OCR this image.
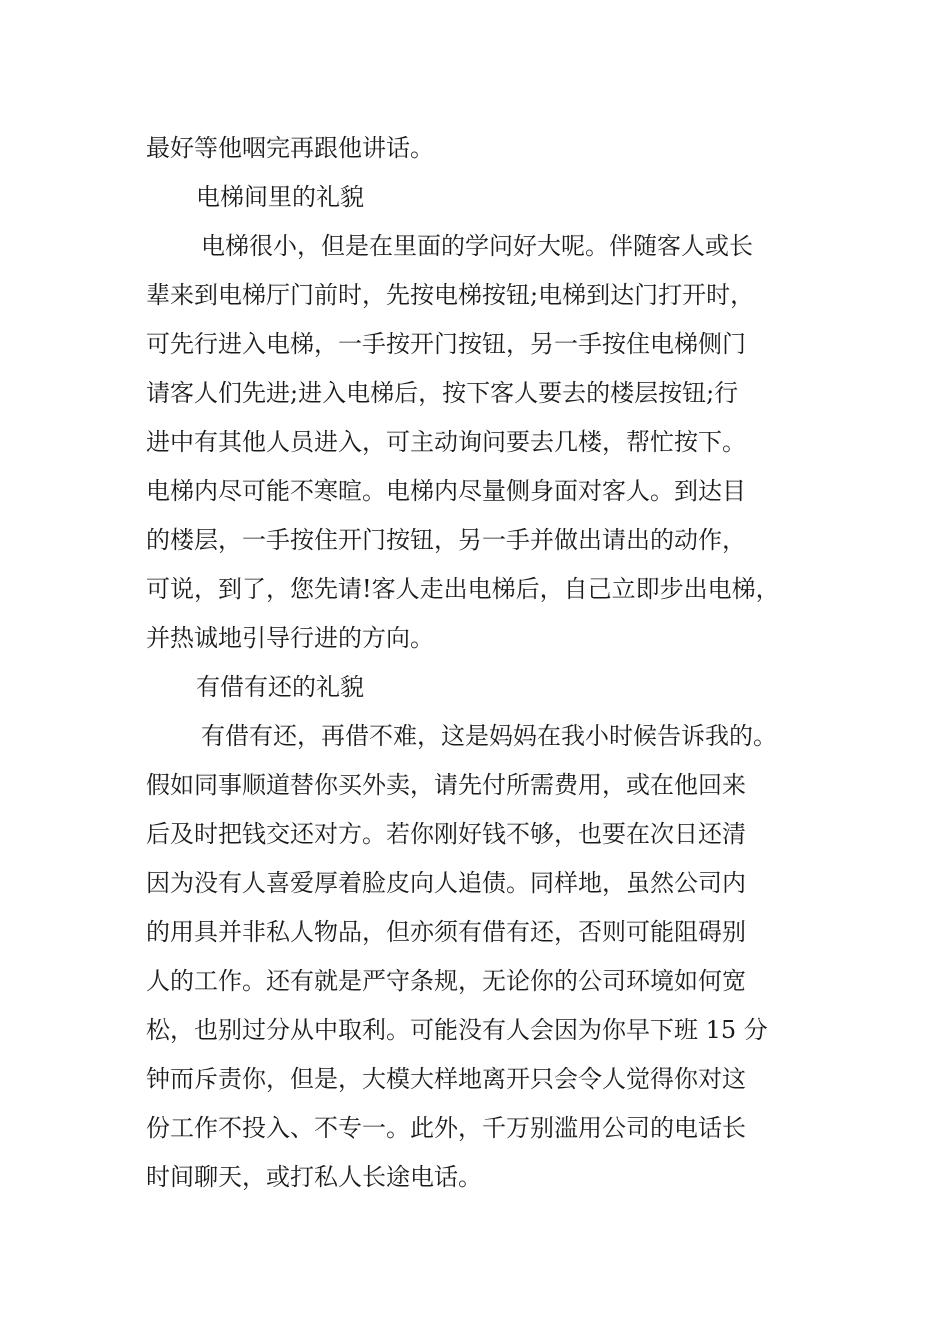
最好等他咽完再跟他讲话。
电梯间里的礼貌
电梯很小，但是在里面的学问好大呢。伴随客人或长
辈来到电梯厅门前时，先按电梯按钮;电梯到达门打开时，
可先行进入电梯，一手按开门按钮，另一手按住电梯侧门
请客人们先进;进入电梯后，按下客人要去的楼层按钮;行
进中有其他人员进入，可主动询问要去几楼，帮忙按下。
电梯内尽可能不寒暄。电梯内尽量侧身面对客人。到达目
的楼层，一手按住开门按钮，另一手并做出请出的动作，
可说，到了，您先请!客人走出电梯后，自己立即步出电梯，
并热诚地引导行进的方向。
有借有还的礼貌
有借有还，再借不难，这是妈妈在我小时候告诉我的。
假如同事顺道替你买外卖，请先付所需费用，或在他回来
后及时把钱交还对方。若你刚好钱不够，也要在次日还清
因为没有人喜爱厚着脸皮向人追债。同样地，虽然公司内
的用具并非私人物品，但亦须有借有还，否则可能阻碍别
人的工作。还有就是严守条规，无论你的公司环境如何宽
松，也别过分从中取利。可能没有人会因为你早下班 15 分
钟而斥责你，但是，大模大样地离开只会令人觉得你对这
份工作不投入、不专一。此外，千万别滥用公司的电话长
时间聊天，或打私人长途电话。
